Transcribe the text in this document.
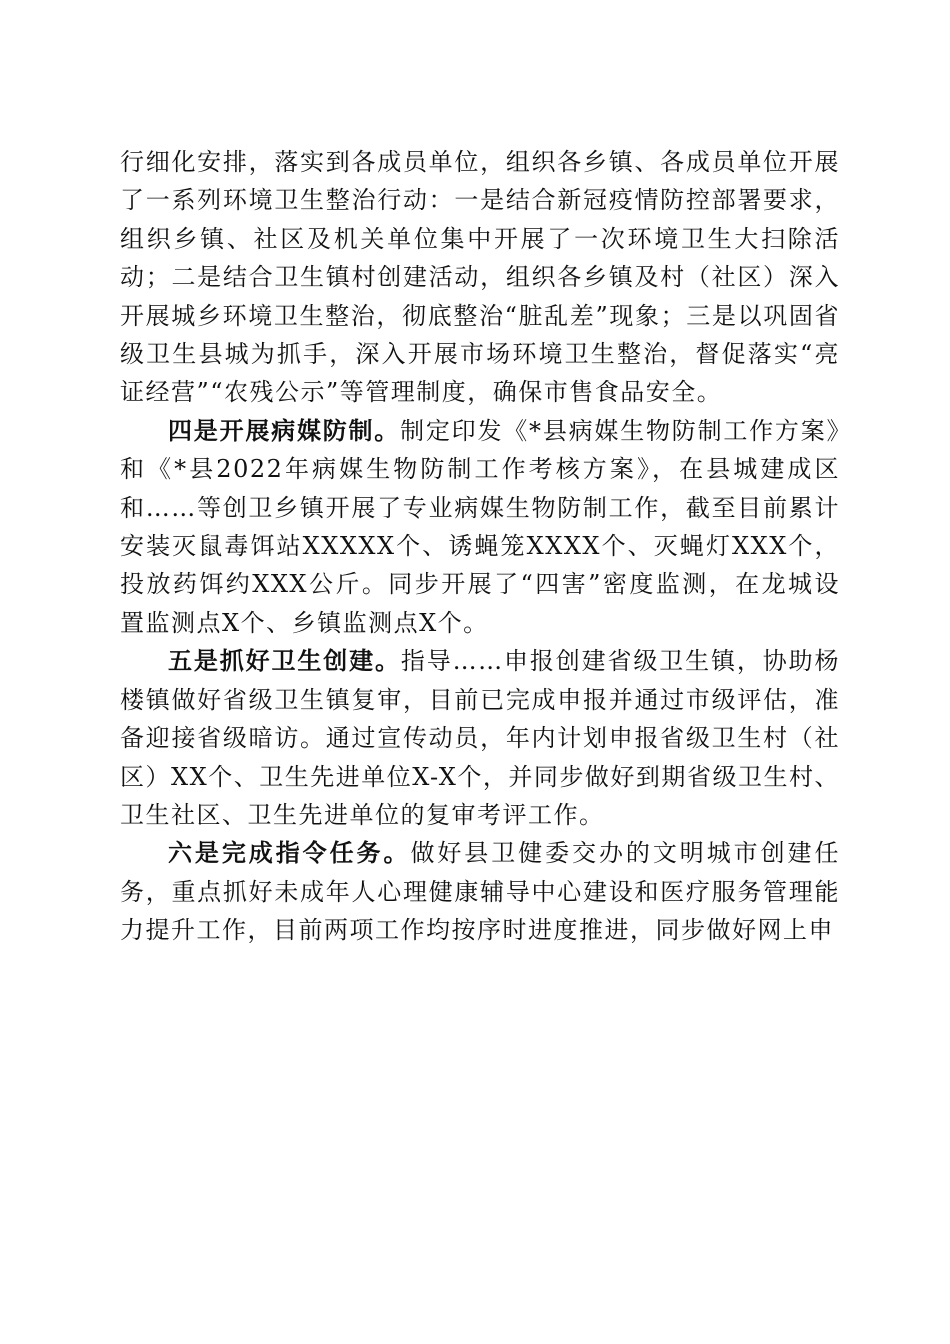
行细化安排，落实到各成员单位，组织各乡镇、各成员单位开展了一系列环境卫生整治行动：一是结合新冠疫情防控部署要求，组织乡镇、社区及机关单位集中开展了一次环境卫生大扫除活动；二是结合卫生镇村创建活动，组织各乡镇及村（社区）深入开展城乡环境卫生整治，彻底整治“脏乱差”现象；三是以巩固省级卫生县城为抓手，深入开展市场环境卫生整治，督促落实“亮证经营”“农残公示”等管理制度，确保市售食品安全。

四是开展病媒防制。制定印发《*县病媒生物防制工作方案》和《*县2022年病媒生物防制工作考核方案》，在县城建成区和……等创卫乡镇开展了专业病媒生物防制工作，截至目前累计安装灭鼠毒饵站XXXXX个、诱蝇笼XXXX个、灭蝇灯XXX个，投放药饵约XXX公斤。同步开展了“四害”密度监测，在龙城设置监测点X个、乡镇监测点X个。

五是抓好卫生创建。指导……申报创建省级卫生镇，协助杨楼镇做好省级卫生镇复审，目前已完成申报并通过市级评估，准备迎接省级暗访。通过宣传动员，年内计划申报省级卫生村（社区）XX个、卫生先进单位X-X个，并同步做好到期省级卫生村、卫生社区、卫生先进单位的复审考评工作。

六是完成指令任务。做好县卫健委交办的文明城市创建任务，重点抓好未成年人心理健康辅导中心建设和医疗服务管理能力提升工作，目前两项工作均按序时进度推进，同步做好网上申
